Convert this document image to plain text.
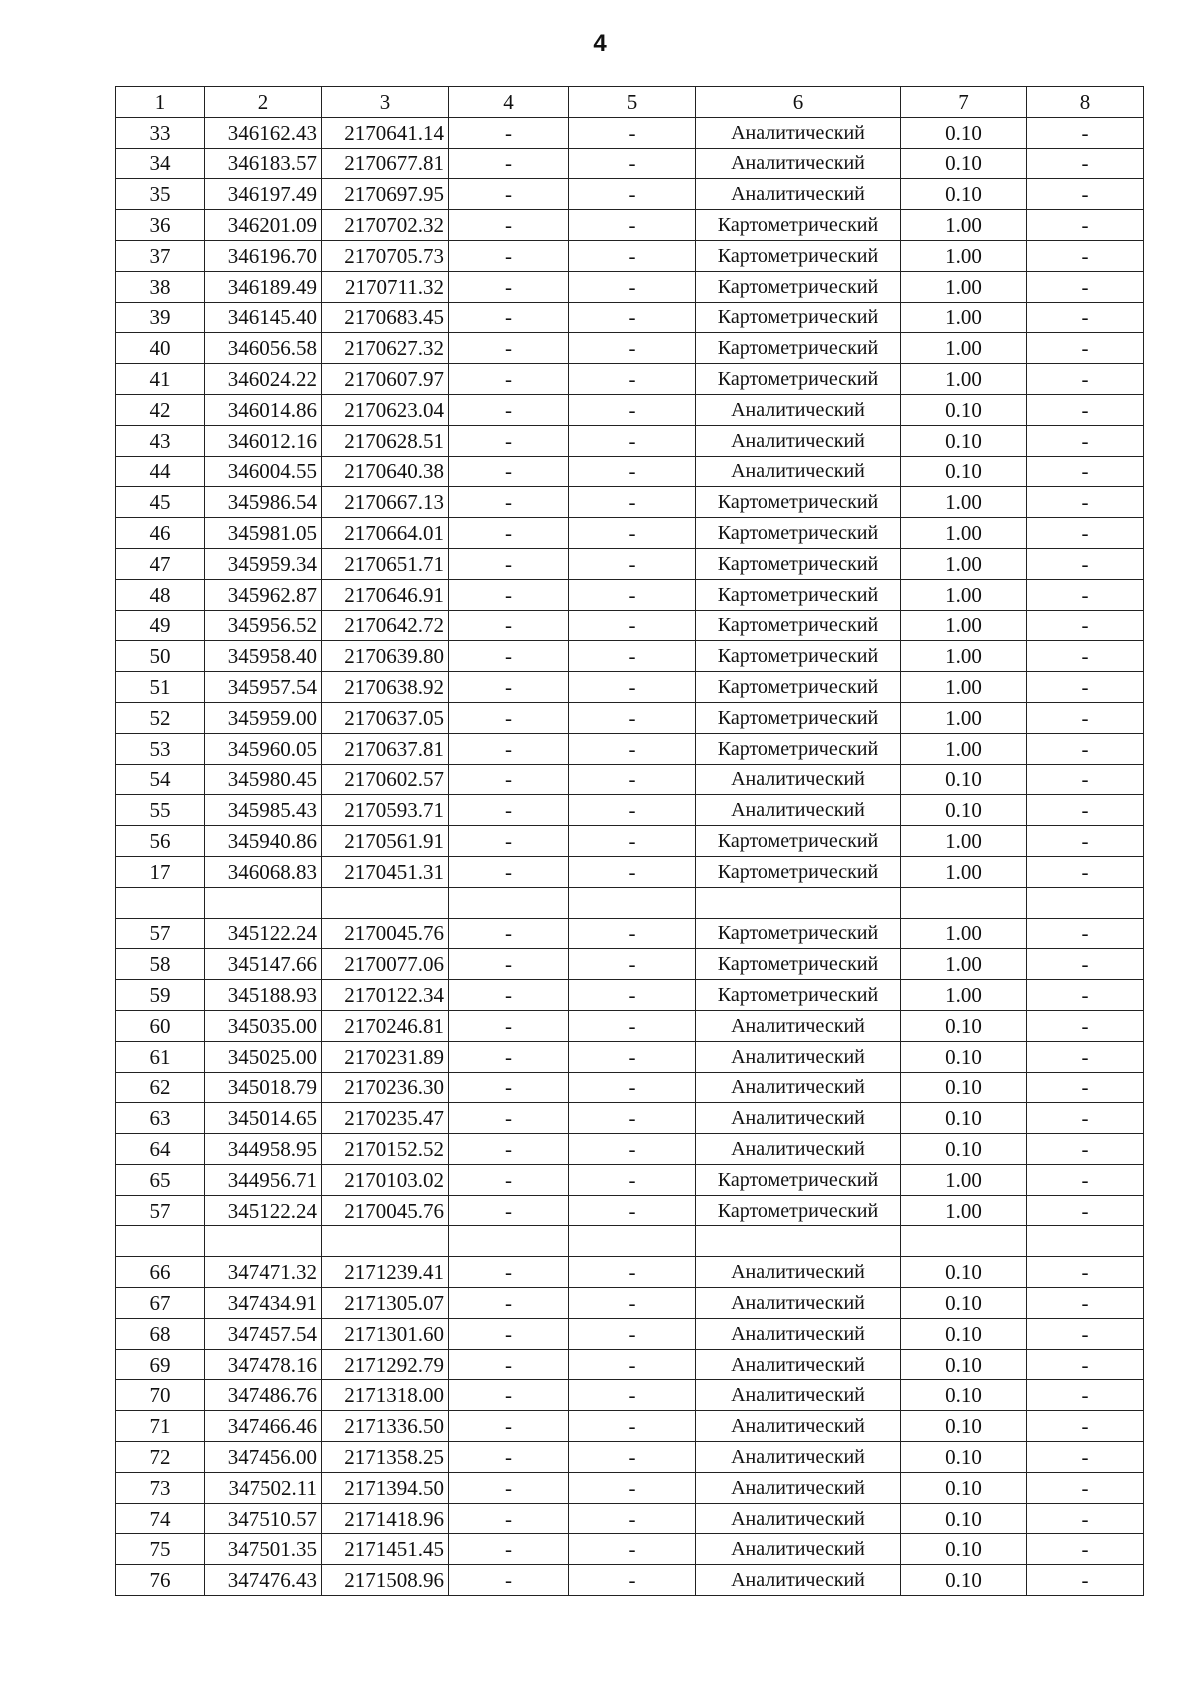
4
1	2	3	4	5	6	7	8
33	346162.43	2170641.14	-	-	Аналитический	0.10	-
34	346183.57	2170677.81	-	-	Аналитический	0.10	-
35	346197.49	2170697.95	-	-	Аналитический	0.10	-
36	346201.09	2170702.32	-	-	Картометрический	1.00	-
37	346196.70	2170705.73	-	-	Картометрический	1.00	-
38	346189.49	2170711.32	-	-	Картометрический	1.00	-
39	346145.40	2170683.45	-	-	Картометрический	1.00	-
40	346056.58	2170627.32	-	-	Картометрический	1.00	-
41	346024.22	2170607.97	-	-	Картометрический	1.00	-
42	346014.86	2170623.04	-	-	Аналитический	0.10	-
43	346012.16	2170628.51	-	-	Аналитический	0.10	-
44	346004.55	2170640.38	-	-	Аналитический	0.10	-
45	345986.54	2170667.13	-	-	Картометрический	1.00	-
46	345981.05	2170664.01	-	-	Картометрический	1.00	-
47	345959.34	2170651.71	-	-	Картометрический	1.00	-
48	345962.87	2170646.91	-	-	Картометрический	1.00	-
49	345956.52	2170642.72	-	-	Картометрический	1.00	-
50	345958.40	2170639.80	-	-	Картометрический	1.00	-
51	345957.54	2170638.92	-	-	Картометрический	1.00	-
52	345959.00	2170637.05	-	-	Картометрический	1.00	-
53	345960.05	2170637.81	-	-	Картометрический	1.00	-
54	345980.45	2170602.57	-	-	Аналитический	0.10	-
55	345985.43	2170593.71	-	-	Аналитический	0.10	-
56	345940.86	2170561.91	-	-	Картометрический	1.00	-
17	346068.83	2170451.31	-	-	Картометрический	1.00	-

57	345122.24	2170045.76	-	-	Картометрический	1.00	-
58	345147.66	2170077.06	-	-	Картометрический	1.00	-
59	345188.93	2170122.34	-	-	Картометрический	1.00	-
60	345035.00	2170246.81	-	-	Аналитический	0.10	-
61	345025.00	2170231.89	-	-	Аналитический	0.10	-
62	345018.79	2170236.30	-	-	Аналитический	0.10	-
63	345014.65	2170235.47	-	-	Аналитический	0.10	-
64	344958.95	2170152.52	-	-	Аналитический	0.10	-
65	344956.71	2170103.02	-	-	Картометрический	1.00	-
57	345122.24	2170045.76	-	-	Картометрический	1.00	-

66	347471.32	2171239.41	-	-	Аналитический	0.10	-
67	347434.91	2171305.07	-	-	Аналитический	0.10	-
68	347457.54	2171301.60	-	-	Аналитический	0.10	-
69	347478.16	2171292.79	-	-	Аналитический	0.10	-
70	347486.76	2171318.00	-	-	Аналитический	0.10	-
71	347466.46	2171336.50	-	-	Аналитический	0.10	-
72	347456.00	2171358.25	-	-	Аналитический	0.10	-
73	347502.11	2171394.50	-	-	Аналитический	0.10	-
74	347510.57	2171418.96	-	-	Аналитический	0.10	-
75	347501.35	2171451.45	-	-	Аналитический	0.10	-
76	347476.43	2171508.96	-	-	Аналитический	0.10	-
